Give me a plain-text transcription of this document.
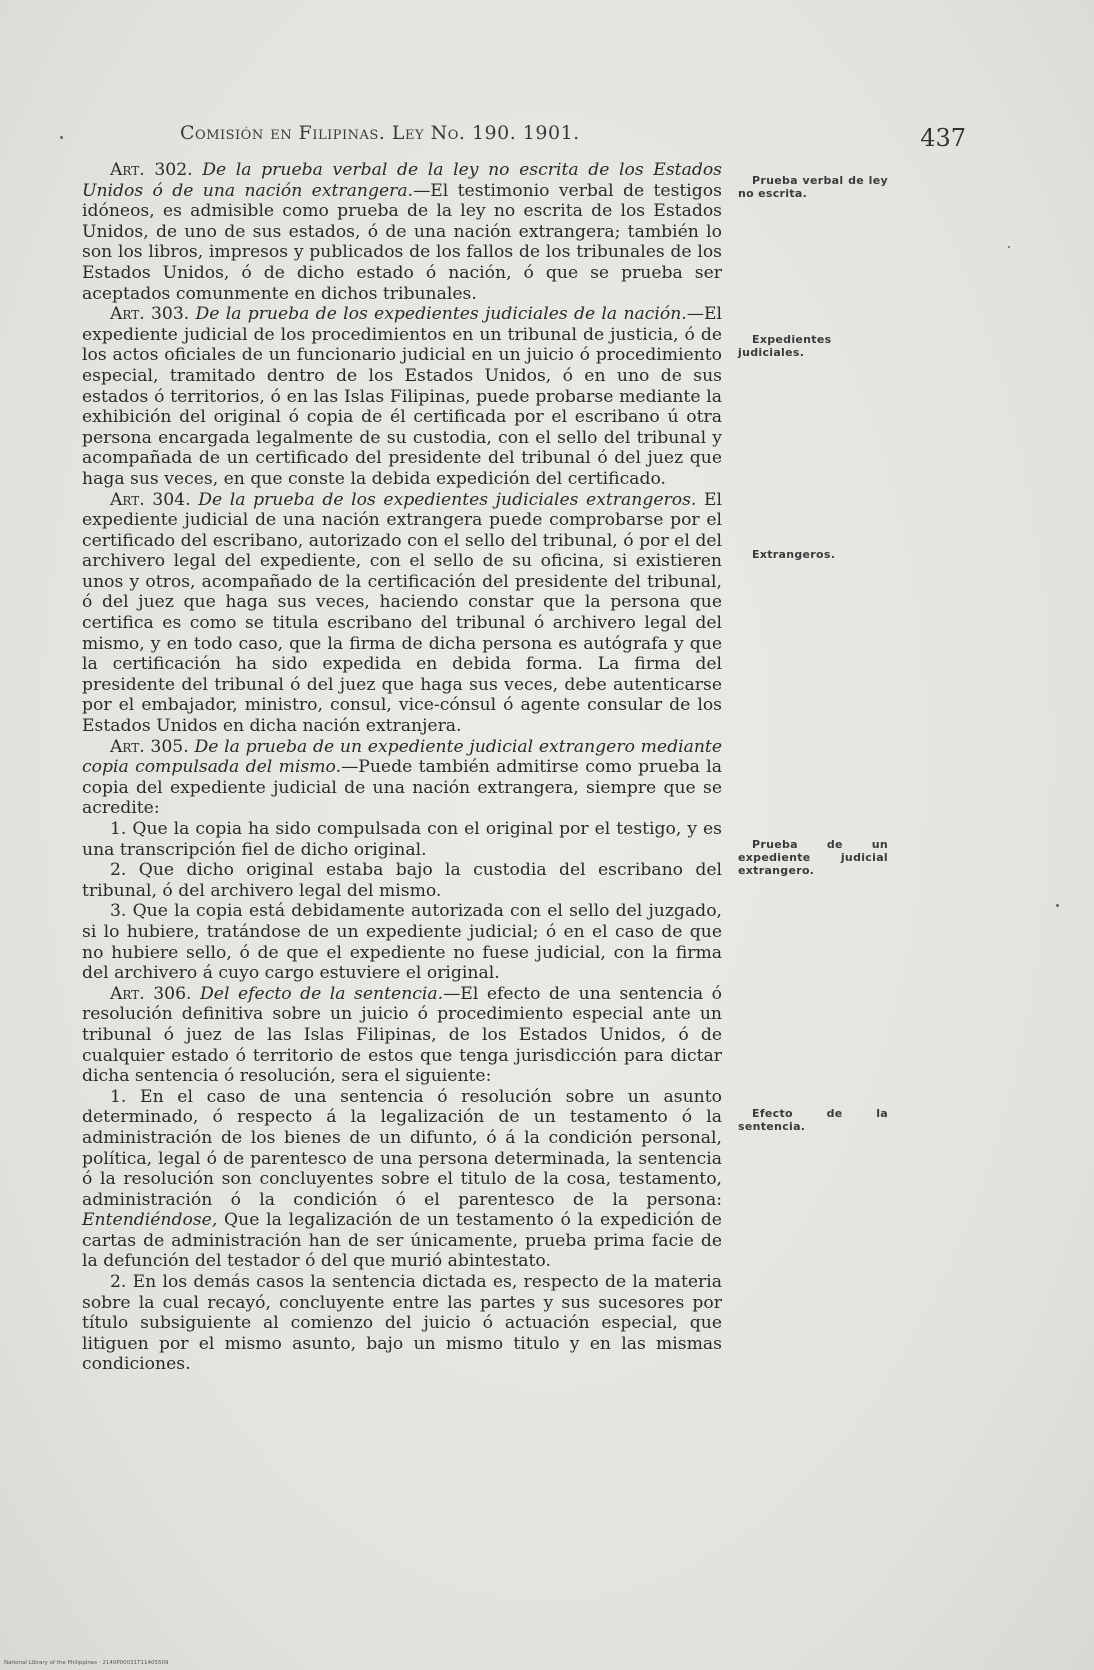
Comisión en Filipinas. Ley No. 190. 1901.	437

Art. 302. De la prueba verbal de la ley no escrita de los Estados Unidos ó de una nación extrangera.—El testimonio verbal de testigos idóneos, es admisible como prueba de la ley no escrita de los Estados Unidos, de uno de sus estados, ó de una nación extrangera; también lo son los libros, impresos y publicados de los fallos de los tribunales de los Estados Unidos, ó de dicho estado ó nación, ó que se prueba ser aceptados comunmente en dichos tribunales.

Art. 303. De la prueba de los expedientes judiciales de la nación.—El expediente judicial de los procedimientos en un tribunal de justicia, ó de los actos oficiales de un funcionario judicial en un juicio ó procedimiento especial, tramitado dentro de los Estados Unidos, ó en uno de sus estados ó territorios, ó en las Islas Filipinas, puede probarse mediante la exhibición del original ó copia de él certificada por el escribano ú otra persona encargada legalmente de su custodia, con el sello del tribunal y acompañada de un certificado del presidente del tribunal ó del juez que haga sus veces, en que conste la debida expedición del certificado.

Art. 304. De la prueba de los expedientes judiciales extrangeros. El expediente judicial de una nación extrangera puede comprobarse por el certificado del escribano, autorizado con el sello del tribunal, ó por el del archivero legal del expediente, con el sello de su oficina, si existieren unos y otros, acompañado de la certificación del presidente del tribunal, ó del juez que haga sus veces, haciendo constar que la persona que certifica es como se titula escribano del tribunal ó archivero legal del mismo, y en todo caso, que la firma de dicha persona es autógrafa y que la certificación ha sido expedida en debida forma. La firma del presidente del tribunal ó del juez que haga sus veces, debe autenticarse por el embajador, ministro, consul, vice-cónsul ó agente consular de los Estados Unidos en dicha nación extranjera.

Art. 305. De la prueba de un expediente judicial extrangero mediante copia compulsada del mismo.—Puede también admitirse como prueba la copia del expediente judicial de una nación extrangera, siempre que se acredite:

1. Que la copia ha sido compulsada con el original por el testigo, y es una transcripción fiel de dicho original.

2. Que dicho original estaba bajo la custodia del escribano del tribunal, ó del archivero legal del mismo.

3. Que la copia está debidamente autorizada con el sello del juzgado, si lo hubiere, tratándose de un expediente judicial; ó en el caso de que no hubiere sello, ó de que el expediente no fuese judicial, con la firma del archivero á cuyo cargo estuviere el original.

Art. 306. Del efecto de la sentencia.—El efecto de una sentencia ó resolución definitiva sobre un juicio ó procedimiento especial ante un tribunal ó juez de las Islas Filipinas, de los Estados Unidos, ó de cualquier estado ó territorio de estos que tenga jurisdicción para dictar dicha sentencia ó resolución, sera el siguiente:

1. En el caso de una sentencia ó resolución sobre un asunto determinado, ó respecto á la legalización de un testamento ó la administración de los bienes de un difunto, ó á la condición personal, política, legal ó de parentesco de una persona determinada, la sentencia ó la resolución son concluyentes sobre el titulo de la cosa, testamento, administración ó la condición ó el parentesco de la persona: Entendiéndose, Que la legalización de un testamento ó la expedición de cartas de administración han de ser únicamente, prueba prima facie de la defunción del testador ó del que murió abintestato.

2. En los demás casos la sentencia dictada es, respecto de la materia sobre la cual recayó, concluyente entre las partes y sus sucesores por título subsiguiente al comienzo del juicio ó actuación especial, que litiguen por el mismo asunto, bajo un mismo titulo y en las mismas condiciones.

Prueba verbal de ley no escrita.
Expedientes judiciales.
Extrangeros.
Prueba de un expediente judicial extrangero.
Efecto de la sentencia.
National Library of the Philippines · 2140P00031T11405509
